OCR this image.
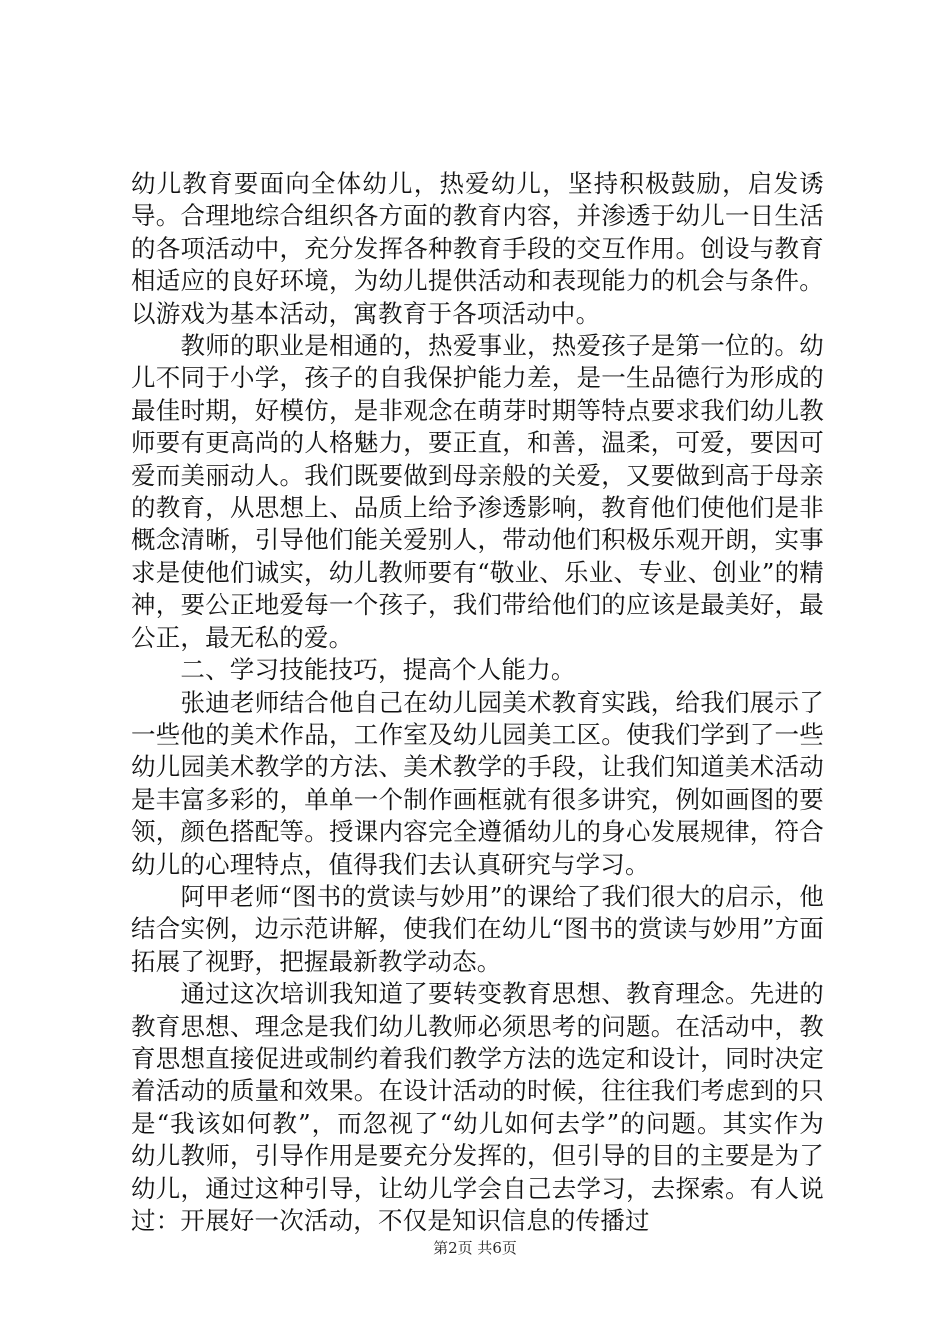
幼儿教育要面向全体幼儿，热爱幼儿，坚持积极鼓励，启发诱导。合理地综合组织各方面的教育内容，并渗透于幼儿一日生活的各项活动中，充分发挥各种教育手段的交互作用。创设与教育相适应的良好环境，为幼儿提供活动和表现能力的机会与条件。以游戏为基本活动，寓教育于各项活动中。

　　教师的职业是相通的，热爱事业，热爱孩子是第一位的。幼儿不同于小学，孩子的自我保护能力差，是一生品德行为形成的最佳时期，好模仿，是非观念在萌芽时期等特点要求我们幼儿教师要有更高尚的人格魅力，要正直，和善，温柔，可爱，要因可爱而美丽动人。我们既要做到母亲般的关爱，又要做到高于母亲的教育，从思想上、品质上给予渗透影响，教育他们使他们是非概念清晰，引导他们能关爱别人，带动他们积极乐观开朗，实事求是使他们诚实，幼儿教师要有“敬业、乐业、专业、创业”的精神，要公正地爱每一个孩子，我们带给他们的应该是最美好，最公正，最无私的爱。

　　二、学习技能技巧，提高个人能力。

　　张迪老师结合他自己在幼儿园美术教育实践，给我们展示了一些他的美术作品，工作室及幼儿园美工区。使我们学到了一些幼儿园美术教学的方法、美术教学的手段，让我们知道美术活动是丰富多彩的，单单一个制作画框就有很多讲究，例如画图的要领，颜色搭配等。授课内容完全遵循幼儿的身心发展规律，符合幼儿的心理特点，值得我们去认真研究与学习。

　　阿甲老师“图书的赏读与妙用”的课给了我们很大的启示，他结合实例，边示范讲解，使我们在幼儿“图书的赏读与妙用”方面拓展了视野，把握最新教学动态。

　　通过这次培训我知道了要转变教育思想、教育理念。先进的教育思想、理念是我们幼儿教师必须思考的问题。在活动中，教育思想直接促进或制约着我们教学方法的选定和设计，同时决定着活动的质量和效果。在设计活动的时候，往往我们考虑到的只是“我该如何教”，而忽视了“幼儿如何去学”的问题。其实作为幼儿教师，引导作用是要充分发挥的，但引导的目的主要是为了幼儿，通过这种引导，让幼儿学会自己去学习，去探索。有人说过：开展好一次活动，不仅是知识信息的传播过

第2页 共6页
